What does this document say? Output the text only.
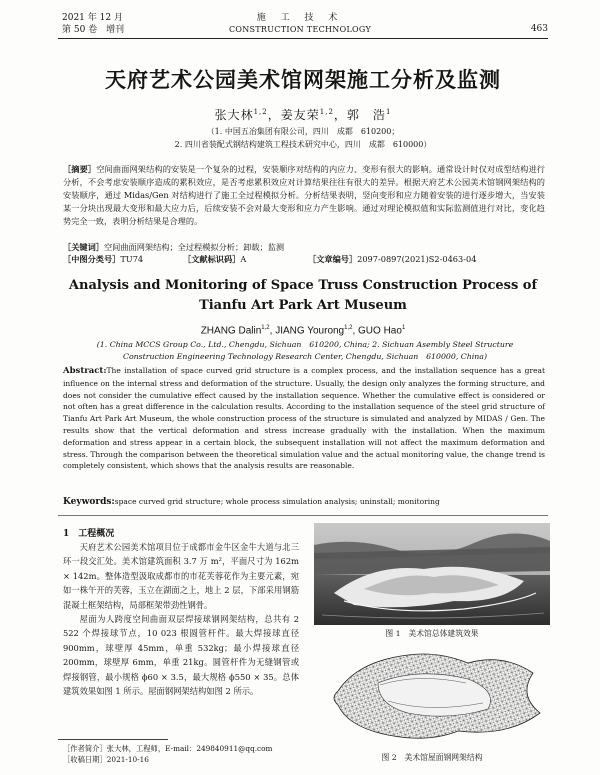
2021 年 12 月
第 50 卷　增刊
施 工 技 术
CONSTRUCTION TECHNOLOGY	463
天府艺术公园美术馆网架施工分析及监测
张大林$^{1,2}$，姜友荣$^{1,2}$，郭　浩$^1$
（1. 中国五冶集团有限公司，四川　成都　610200；
2. 四川省装配式钢结构建筑工程技术研究中心，四川　成都　610000）
［摘要］空间曲面网架结构的安装是一个复杂的过程，安装顺序对结构的内应力、变形有很大的影响。通常设计时仅对成型结构进行分析，不会考虑安装顺序造成的累积效应，是否考虑累积效应对计算结果往往有很大的差异。根据天府艺术公园美术馆钢网架结构的安装顺序，通过 Midas/Gen 对结构进行了施工全过程模拟分析。分析结果表明，竖向变形和应力随着安装的进行逐步增大，当安装某一分块出现最大变形和最大应力后，后续安装不会对最大变形和应力产生影响。通过对理论模拟值和实际监测值进行对比，变化趋势完全一致，表明分析结果是合理的。
［关键词］空间曲面网架结构；全过程模拟分析；卸载；监测
［中图分类号］TU74	［文献标识码］A	［文章编号］2097-0897(2021)S2-0463-04
Analysis and Monitoring of Space Truss Construction Process of Tianfu Art Park Art Museum
ZHANG Dalin$^{1,2}$, JIANG Yourong$^{1,2}$, GUO Hao$^1$
(1. China MCCS Group Co., Ltd., Chengdu, Sichuan　610200, China; 2. Sichuan Asembly Steel Structure Construction Engineering Technology Research Center, Chengdu, Sichuan　610000, China)
Abstract:The installation of space curved grid structure is a complex process, and the installation sequence has a great influence on the internal stress and deformation of the structure. Usually, the design only analyzes the forming structure, and does not consider the cumulative effect caused by the installation sequence. Whether the cumulative effect is considered or not often has a great difference in the calculation results. According to the installation sequence of the steel grid structure of Tianfu Art Park Art Museum, the whole construction process of the structure is simulated and analyzed by MIDAS / Gen. The results show that the vertical deformation and stress increase gradually with the installation. When the maximum deformation and stress appear in a certain block, the subsequent installation will not affect the maximum deformation and stress. Through the comparison between the theoretical simulation value and the actual monitoring value, the change trend is completely consistent, which shows that the analysis results are reasonable.
Keywords:space curved grid structure; whole process simulation analysis; uninstall; monitoring
1　工程概况
天府艺术公园美术馆项目位于成都市金牛区金牛大道与北三环一段交汇处。美术馆建筑面积 3.7 万 m²，平面尺寸为 162m × 142m。整体造型汲取成都市的市花芙蓉花作为主要元素，宛如一株午开的芙蓉，玉立在湖面之上，地上 2 层，下部采用钢筋混凝土框架结构，局部框架带劲性钢骨。
屋面为人跨度空间曲面双层焊接球钢网架结构，总共有 2 522 个焊接球节点，10 023 根圆管杆件。最大焊接球直径 900mm，球壁厚 45mm，单重 532kg；最小焊接球直径 200mm，球壁厚 6mm，单重 21kg。圆管杆件为无缝钢管或焊接钢管，最小规格 ϕ60 × 3.5，最大规格 ϕ550 × 35。总体建筑效果如图 1 所示。屋面钢网架结构如图 2 所示。
图 1　美术馆总体建筑效果
图 2　美术馆屋面钢网架结构
［作者简介］张大林，工程师，E-mail：249840911@qq.com
［收稿日期］2021-10-16
